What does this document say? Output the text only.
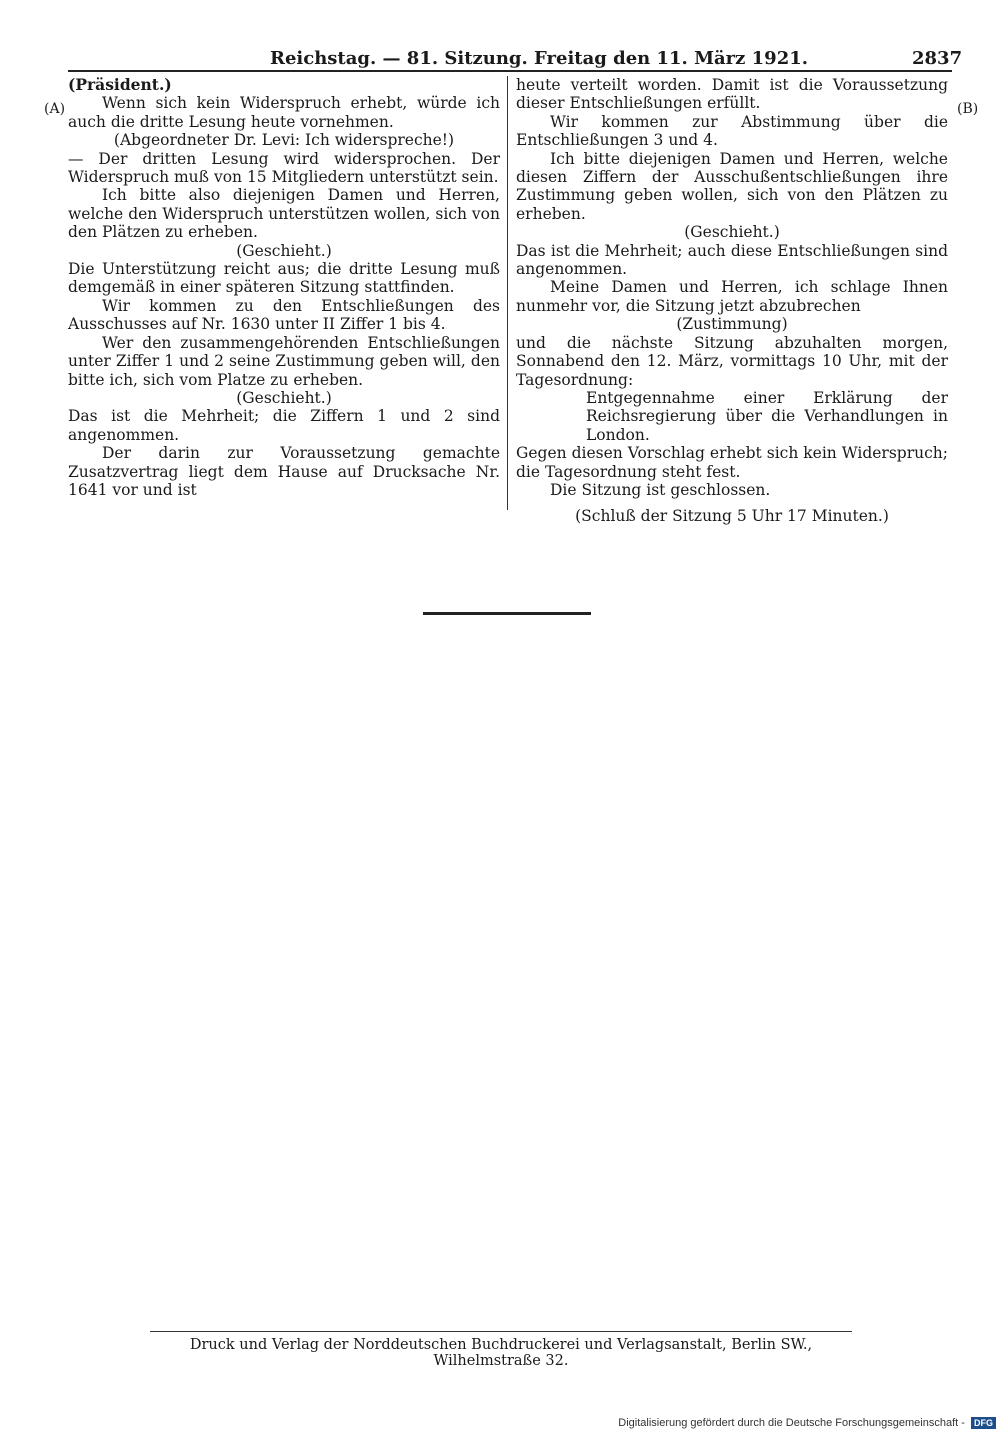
Reichstag. — 81. Sitzung. Freitag den 11. März 1921.	2837
(A)	(B)

(Präsident.)

Wenn sich kein Widerspruch erhebt, würde ich auch die dritte Lesung heute vornehmen.

(Abgeordneter Dr. Levi: Ich widerspreche!)

— Der dritten Lesung wird widersprochen. Der Widerspruch muß von 15 Mitgliedern unterstützt sein.

Ich bitte also diejenigen Damen und Herren, welche den Widerspruch unterstützen wollen, sich von den Plätzen zu erheben.

(Geschieht.)

Die Unterstützung reicht aus; die dritte Lesung muß demgemäß in einer späteren Sitzung stattfinden.

Wir kommen zu den Entschließungen des Ausschusses auf Nr. 1630 unter II Ziffer 1 bis 4.

Wer den zusammengehörenden Entschließungen unter Ziffer 1 und 2 seine Zustimmung geben will, den bitte ich, sich vom Platze zu erheben.

(Geschieht.)

Das ist die Mehrheit; die Ziffern 1 und 2 sind angenommen.

Der darin zur Voraussetzung gemachte Zusatzvertrag liegt dem Hause auf Drucksache Nr. 1641 vor und ist

heute verteilt worden. Damit ist die Voraussetzung dieser Entschließungen erfüllt.

Wir kommen zur Abstimmung über die Entschließungen 3 und 4.

Ich bitte diejenigen Damen und Herren, welche diesen Ziffern der Ausschußentschließungen ihre Zustimmung geben wollen, sich von den Plätzen zu erheben.

(Geschieht.)

Das ist die Mehrheit; auch diese Entschließungen sind angenommen.

Meine Damen und Herren, ich schlage Ihnen nunmehr vor, die Sitzung jetzt abzubrechen

(Zustimmung)

und die nächste Sitzung abzuhalten morgen, Sonnabend den 12. März, vormittags 10 Uhr, mit der Tagesordnung:

Entgegennahme einer Erklärung der Reichsregierung über die Verhandlungen in London.

Gegen diesen Vorschlag erhebt sich kein Widerspruch; die Tagesordnung steht fest.

Die Sitzung ist geschlossen.

(Schluß der Sitzung 5 Uhr 17 Minuten.)

Druck und Verlag der Norddeutschen Buchdruckerei und Verlagsanstalt, Berlin SW., Wilhelmstraße 32.
Digitalisierung gefördert durch die Deutsche Forschungsgemeinschaft - DFG
